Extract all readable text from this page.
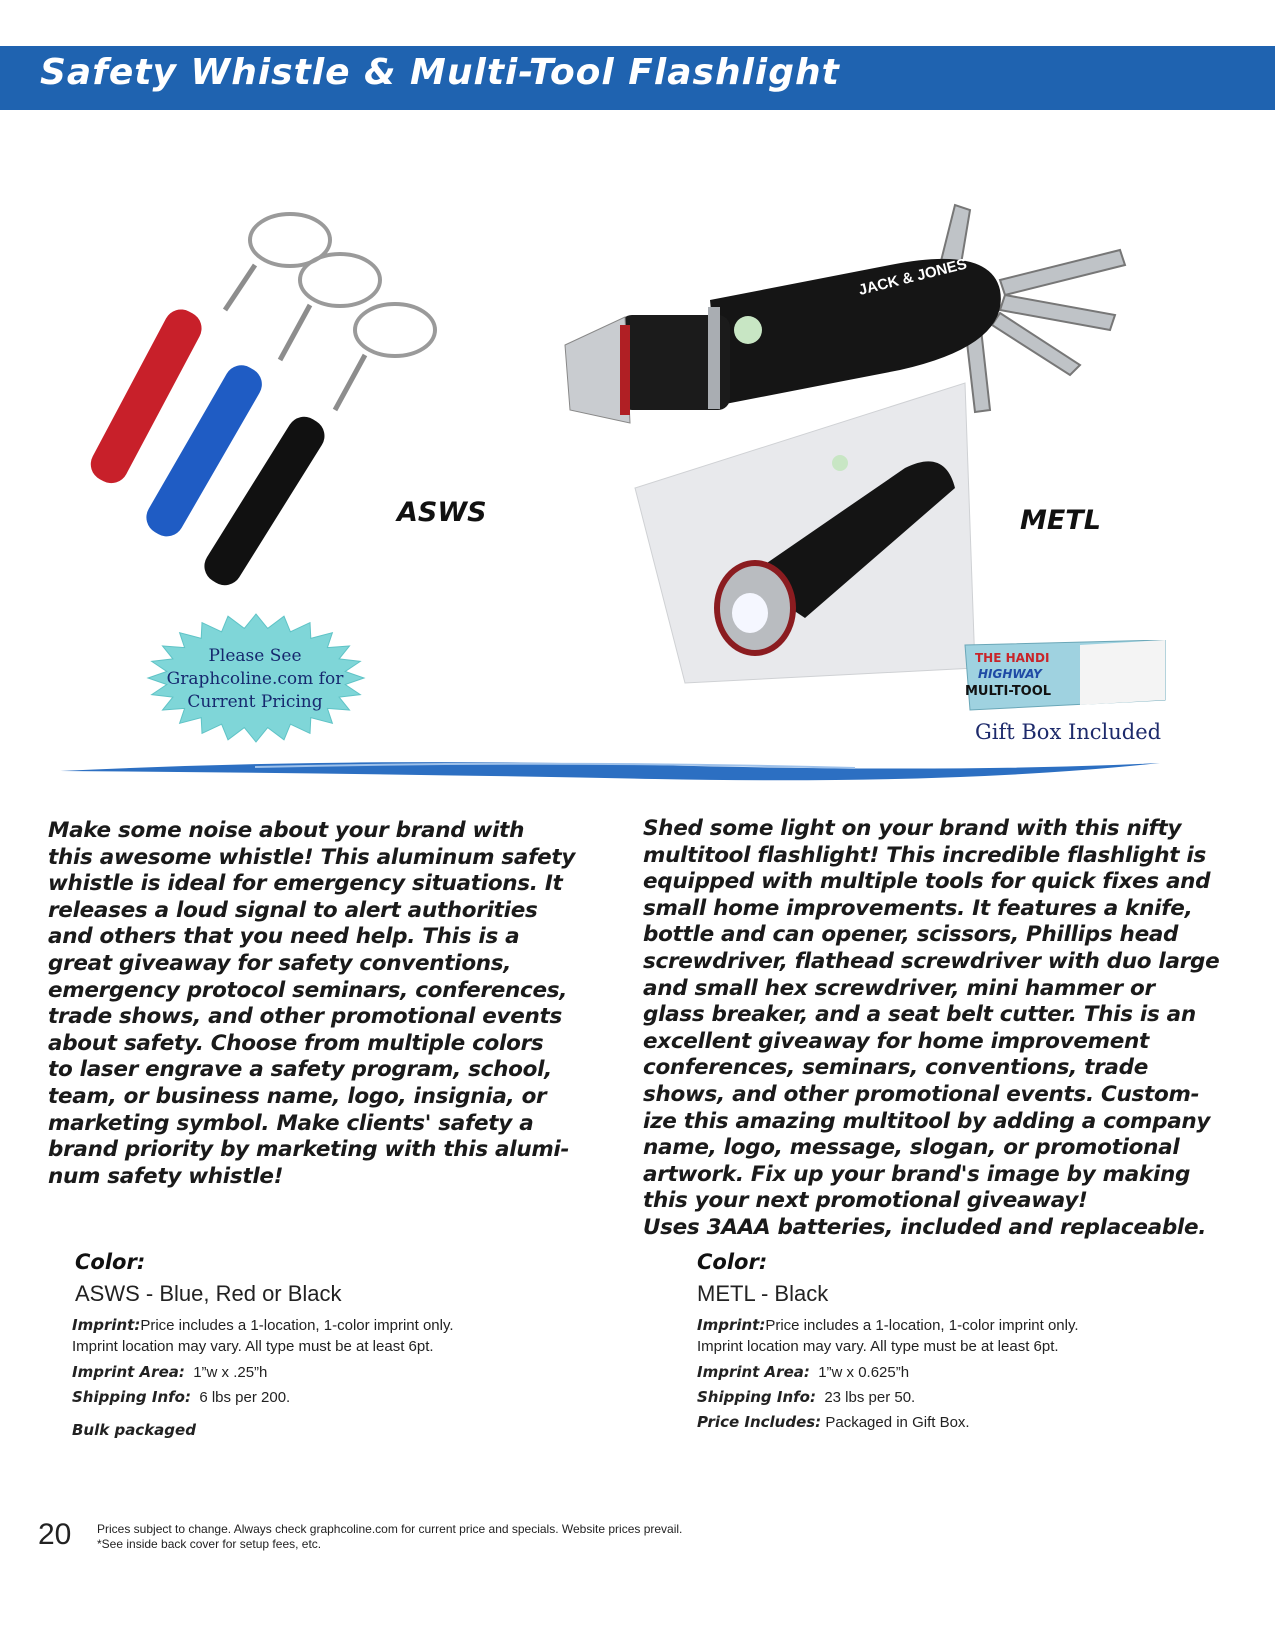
Safety Whistle & Multi-Tool Flashlight
ASWS	METL
Please See
Graphcoline.com for
Current Pricing
JACK & JONES
THE HANDI
HIGHWAY
MULTI-TOOL
Gift Box Included
Make some noise about your brand with
this awesome whistle! This aluminum safety
whistle is ideal for emergency situations. It
releases a loud signal to alert authorities
and others that you need help. This is a
great giveaway for safety conventions,
emergency protocol seminars, conferences,
trade shows, and other promotional events
about safety. Choose from multiple colors
to laser engrave a safety program, school,
team, or business name, logo, insignia, or
marketing symbol. Make clients' safety a
brand priority by marketing with this alumi-
num safety whistle!
Shed some light on your brand with this nifty
multitool flashlight! This incredible flashlight is
equipped with multiple tools for quick fixes and
small home improvements. It features a knife,
bottle and can opener, scissors, Phillips head
screwdriver, flathead screwdriver with duo large
and small hex screwdriver, mini hammer or
glass breaker, and a seat belt cutter. This is an
excellent giveaway for home improvement
conferences, seminars, conventions, trade
shows, and other promotional events. Custom-
ize this amazing multitool by adding a company
name, logo, message, slogan, or promotional
artwork. Fix up your brand's image by making
this your next promotional giveaway!
Uses 3AAA batteries, included and replaceable.
Color:
ASWS - Blue, Red or Black
Imprint:Price includes a 1-location, 1-color imprint only.
Imprint location may vary. All type must be at least 6pt.
Imprint Area: 1”w x .25”h
Shipping Info: 6 lbs per 200.
Bulk packaged
Color:
METL - Black
Imprint:Price includes a 1-location, 1-color imprint only.
Imprint location may vary. All type must be at least 6pt.
Imprint Area: 1”w x 0.625”h
Shipping Info: 23 lbs per 50.
Price Includes: Packaged in Gift Box.
20 Prices subject to change. Always check graphcoline.com for current price and specials. Website prices prevail.
*See inside back cover for setup fees, etc.
